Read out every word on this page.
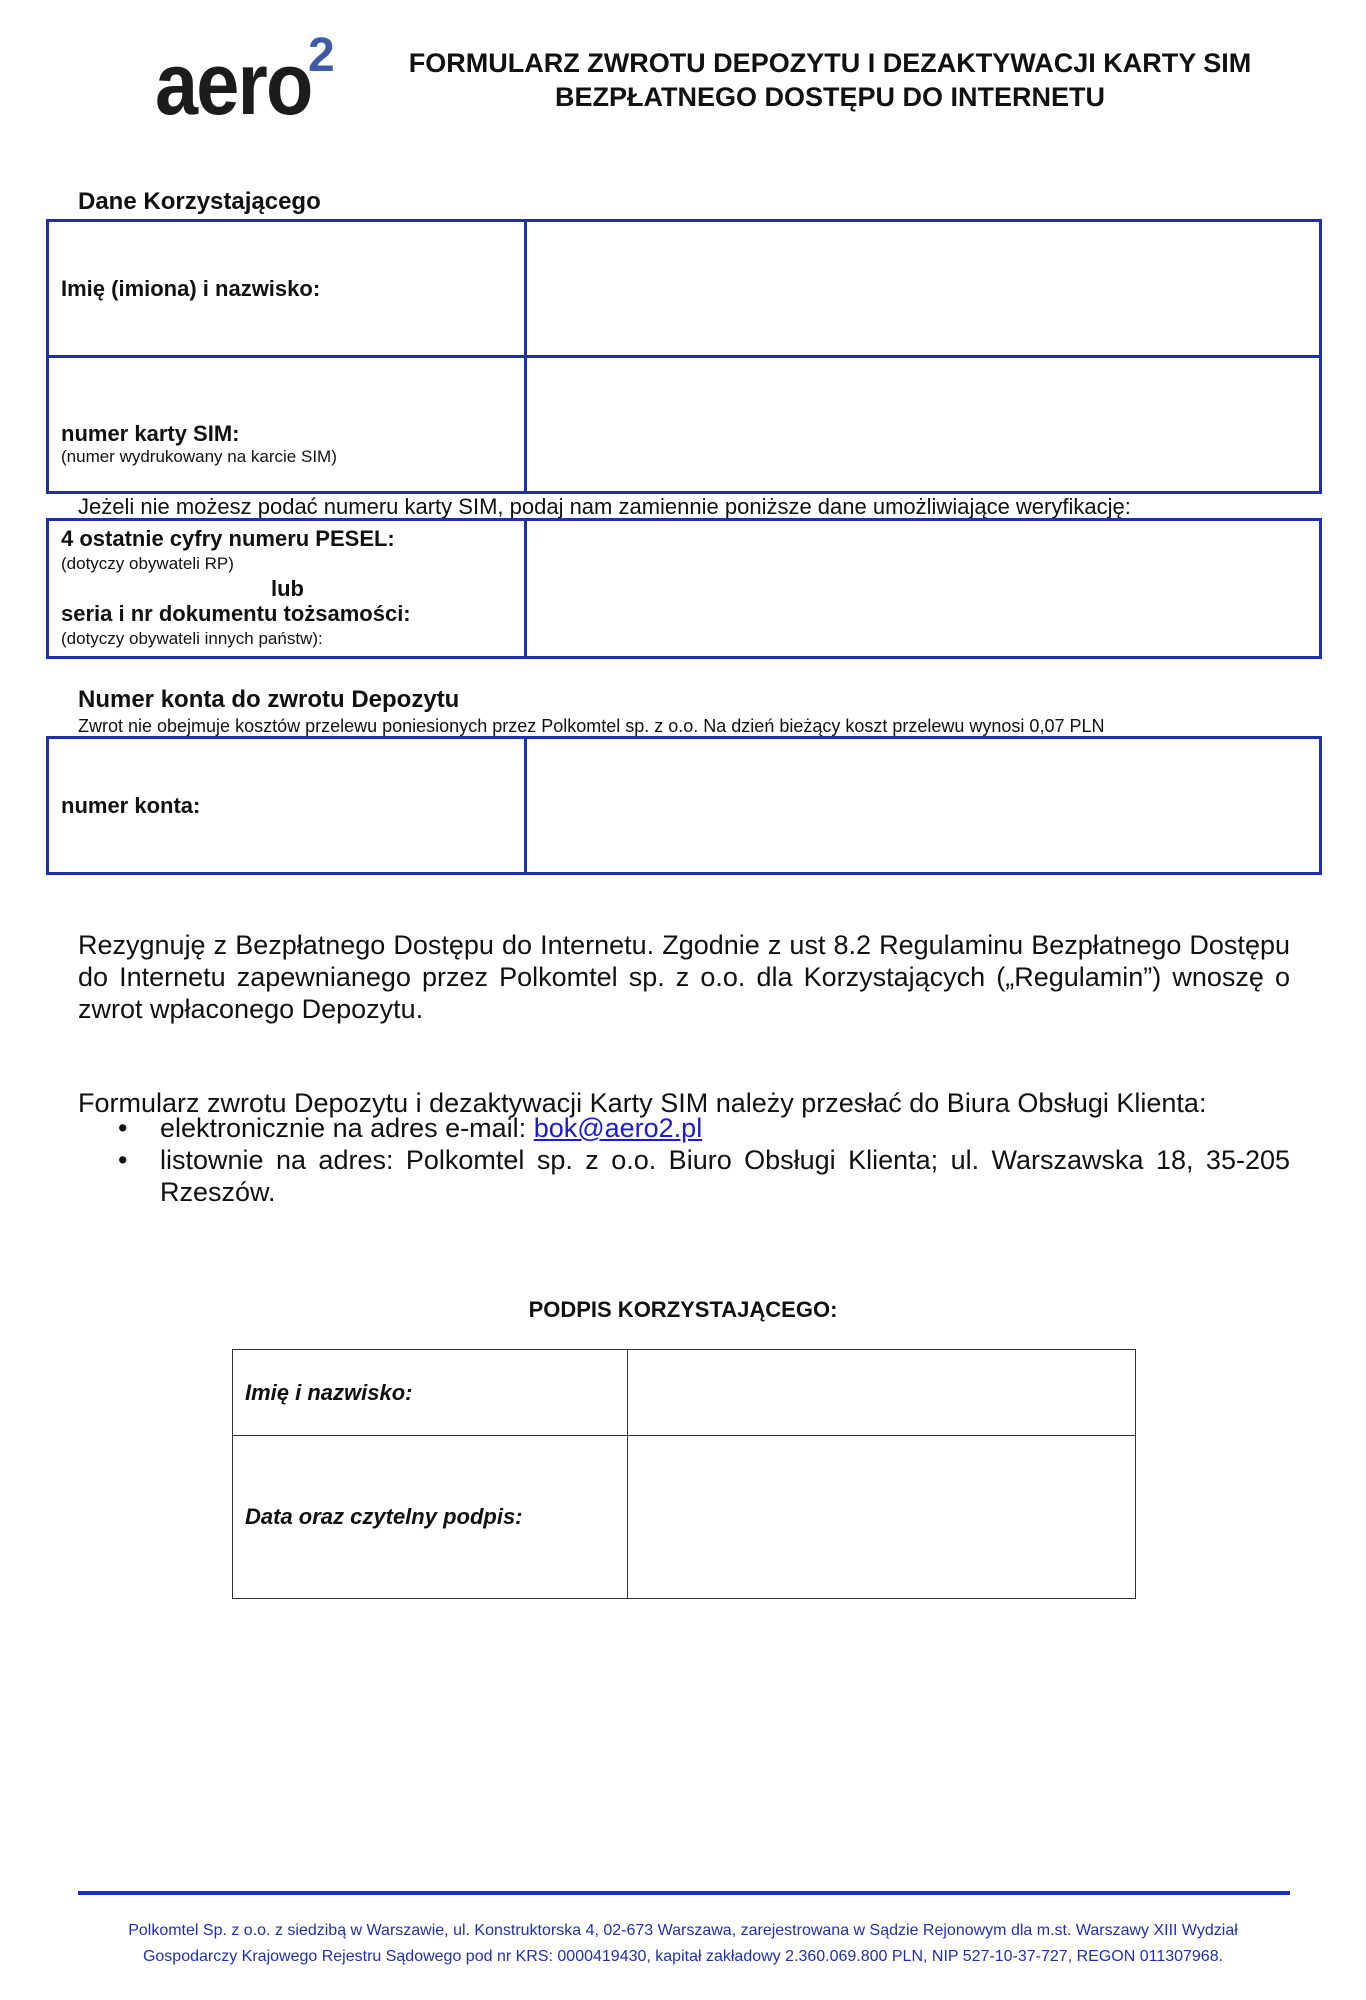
aero
2	FORMULARZ ZWROTU DEPOZYTU I DEZAKTYWACJI KARTY SIM
BEZPŁATNEGO DOSTĘPU DO INTERNETU
Dane Korzystającego
Imię (imiona) i nazwisko:	

numer karty SIM:
(numer wydrukowany na karcie SIM)	

Jeżeli nie możesz podać numeru karty SIM, podaj nam zamiennie poniższe dane umożliwiające weryfikację:
4 ostatnie cyfry numeru PESEL:
(dotyczy obywateli RP)
lub
seria i nr dokumentu tożsamości:
(dotyczy obywateli innych państw):

Numer konta do zwrotu Depozytu
Zwrot nie obejmuje kosztów przelewu poniesionych przez Polkomtel sp. z o.o. Na dzień bieżący koszt przelewu wynosi 0,07 PLN
numer konta:

Rezygnuję z Bezpłatnego Dostępu do Internetu. Zgodnie z ust 8.2 Regulaminu Bezpłatnego Dostępu do Internetu zapewnianego przez Polkomtel sp. z o.o. dla Korzystających („Regulamin”) wnoszę o zwrot wpłaconego Depozytu.
Formularz zwrotu Depozytu i dezaktywacji Karty SIM należy przesłać do Biura Obsługi Klienta:
• elektronicznie na adres e-mail: bok@aero2.pl
• listownie na adres: Polkomtel sp. z o.o. Biuro Obsługi Klienta; ul. Warszawska 18, 35-205 Rzeszów.
PODPIS KORZYSTAJĄCEGO:
Imię i nazwisko:	
Data oraz czytelny podpis:	
Polkomtel Sp. z o.o. z siedzibą w Warszawie, ul. Konstruktorska 4, 02-673 Warszawa, zarejestrowana w Sądzie Rejonowym dla m.st. Warszawy XIII Wydział
Gospodarczy Krajowego Rejestru Sądowego pod nr KRS: 0000419430, kapitał zakładowy 2.360.069.800 PLN, NIP 527-10-37-727, REGON 011307968.
